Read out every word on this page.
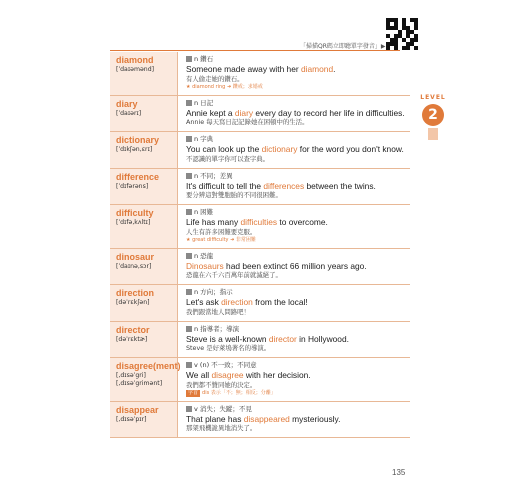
「掃描QR碼立即聽單字發音」▶
LEVEL
2
diamond
[ˈdaɪəmənd]
n 鑽石
Someone made away with her diamond.
有人偷走她的鑽石。
★ diamond ring ➜ 鑽戒；求婚戒
diary
[ˈdaɪərɪ]
n 日記
Annie kept a diary every day to record her life in difficulties.
Annie 每天寫日記記錄她在困頓中的生活。
dictionary
[ˈdɪkʃən,ɛrɪ]
n 字典
You can look up the dictionary for the word you don't know.
不認識的單字你可以查字典。
difference
[ˈdɪfərəns]
n 不同；差異
It's difficult to tell the differences between the twins.
要分辨這對雙胞胎的不同很困難。
difficulty
[ˈdɪfə,kʌltɪ]
n 困難
Life has many difficulties to overcome.
人生有許多困難要克服。
★ great difficulty ➜ 非常困難
dinosaur
[ˈdaɪnə,sɔr]
n 恐龍
Dinosaurs had been extinct 66 million years ago.
恐龍在六千六百萬年前就滅絕了。
direction
[dəˈrɛkʃən]
n 方向；指示
Let's ask direction from the local!
我們跟當地人問路吧！
director
[dəˈrɛktɚ]
n 指導者；導演
Steve is a well-known director in Hollywood.
Steve 是好萊塢著名的導演。
disagree(ment)
[,dɪsəˈgri]
[,dɪsəˈgrimənt]
v (n) 不一致；不同意
We all disagree with her decision.
我們都不贊同她的決定。
字首 dis 表示「不；無；相反；分離」
disappear
[,dɪsəˈpɪr]
v 消失；失蹤；不見
That plane has disappeared mysteriously.
那架飛機詭異地消失了。
135
